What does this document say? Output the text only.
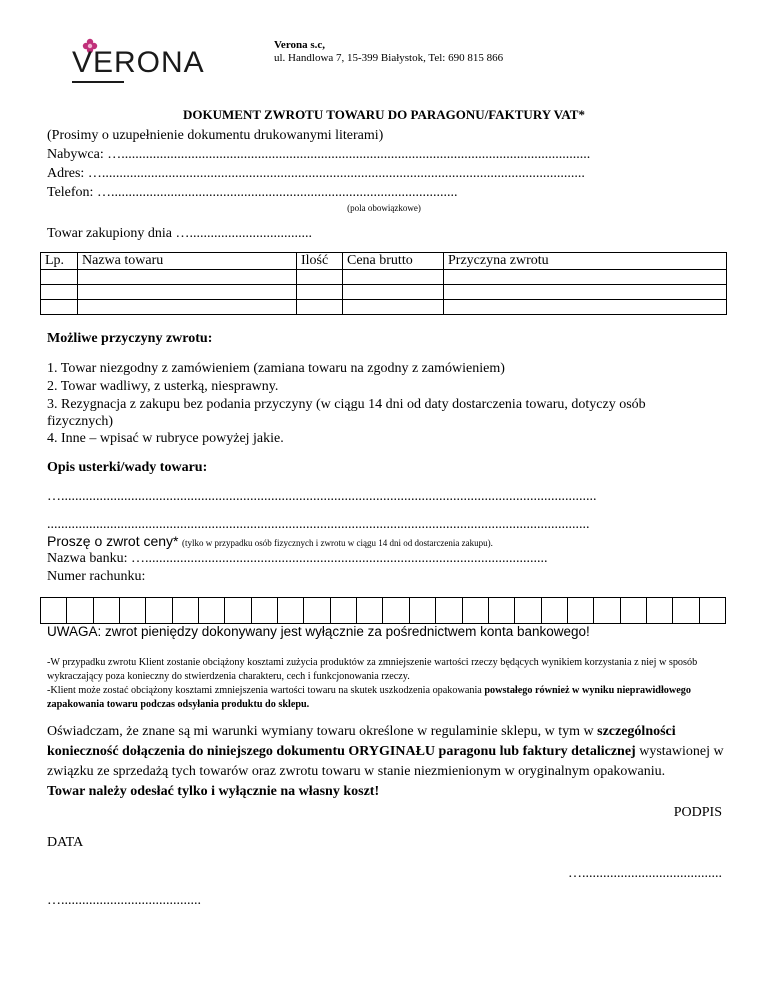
VERONA
Verona s.c,
ul. Handlowa 7, 15-399 Białystok, Tel: 690 815 866
DOKUMENT ZWROTU TOWARU DO PARAGONU/FAKTURY VAT*
(Prosimy o uzupełnienie dokumentu drukowanymi literami)
Nabywca: …......................................................................................................................................
Adres: …..........................................................................................................................................
Telefon: …...................................................................................................
(pola obowiązkowe)
Towar zakupiony dnia …...................................
Lp.	Nazwa towaru	Ilość	Cena brutto	Przyczyna zwrotu

Możliwe przyczyny zwrotu:
1. Towar niezgodny z zamówieniem (zamiana towaru na zgodny z zamówieniem)
2. Towar wadliwy, z usterką, niesprawny.
3. Rezygnacja z zakupu bez podania przyczyny (w ciągu 14 dni od daty dostarczenia towaru, dotyczy osób
fizycznych)
4. Inne – wpisać w rubryce powyżej jakie.
Opis usterki/wady towaru:
….........................................................................................................................................................
...........................................................................................................................................................
Proszę o zwrot ceny* (tylko w przypadku osób fizycznych i zwrotu w ciągu 14 dni od dostarczenia zakupu).
Nazwa banku: …...................................................................................................................
Numer rachunku:
UWAGA: zwrot pieniędzy dokonywany jest wyłącznie za pośrednictwem konta bankowego!
-W przypadku zwrotu Klient zostanie obciążony kosztami zużycia produktów za zmniejszenie wartości rzeczy będących wynikiem korzystania z niej w sposób wykraczający poza konieczny do stwierdzenia charakteru, cech i funkcjonowania rzeczy.
-Klient może zostać obciążony kosztami zmniejszenia wartości towaru na skutek uszkodzenia opakowania powstałego również w wyniku nieprawidłowego zapakowania towaru podczas odsyłania produktu do sklepu.
Oświadczam, że znane są mi warunki wymiany towaru określone w regulaminie sklepu, w tym w szczególności konieczność dołączenia do niniejszego dokumentu ORYGINAŁU paragonu lub faktury detalicznej wystawionej w związku ze sprzedażą tych towarów oraz zwrotu towaru w stanie niezmienionym w oryginalnym opakowaniu.
Towar należy odesłać tylko i wyłącznie na własny koszt!
PODPIS
DATA
…........................................
…........................................
